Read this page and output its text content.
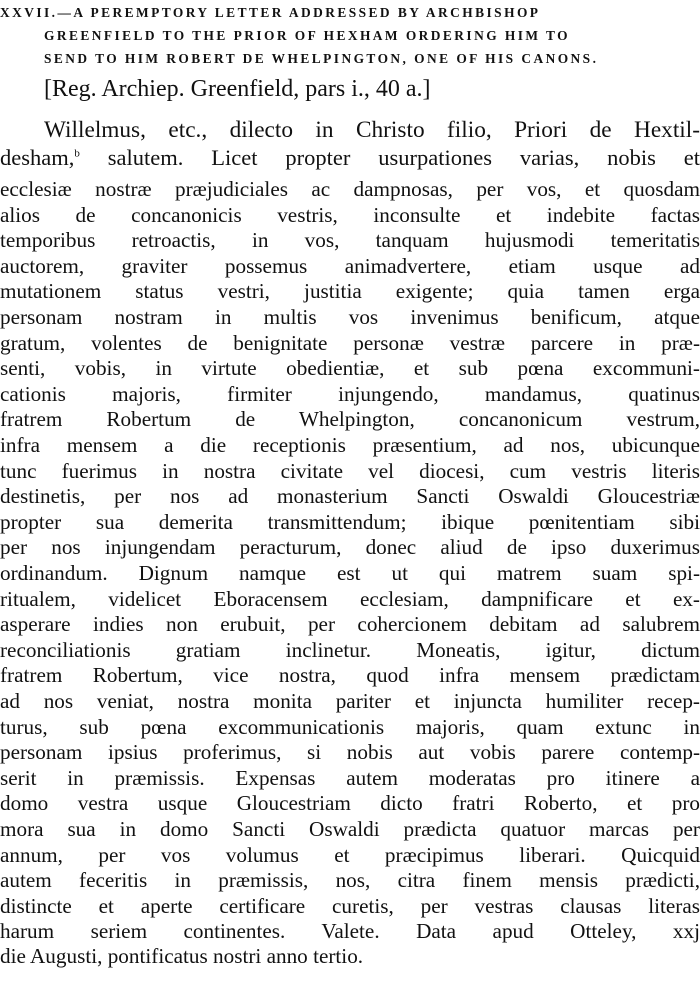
XXVII.—A PEREMPTORY LETTER ADDRESSED BY ARCHBISHOP
GREENFIELD TO THE PRIOR OF HEXHAM ORDERING HIM TO
SEND TO HIM ROBERT DE WHELPINGTON, ONE OF HIS CANONS.
[Reg. Archiep. Greenfield, pars i., 40 a.]
Willelmus, etc., dilecto in Christo filio, Priori de Hextil-
desham,$^b$ salutem. Licet propter usurpationes varias, nobis et
ecclesiæ nostræ præjudiciales ac dampnosas, per vos, et quosdam
alios de concanonicis vestris, inconsulte et indebite factas
temporibus retroactis, in vos, tanquam hujusmodi temeritatis
auctorem, graviter possemus animadvertere, etiam usque ad
mutationem status vestri, justitia exigente; quia tamen erga
personam nostram in multis vos invenimus benificum, atque
gratum, volentes de benignitate personæ vestræ parcere in præ-
senti, vobis, in virtute obedientiæ, et sub pœna excommuni-
cationis majoris, firmiter injungendo, mandamus, quatinus
fratrem Robertum de Whelpington, concanonicum vestrum,
infra mensem a die receptionis præsentium, ad nos, ubicunque
tunc fuerimus in nostra civitate vel diocesi, cum vestris literis
destinetis, per nos ad monasterium Sancti Oswaldi Gloucestriæ
propter sua demerita transmittendum; ibique pœnitentiam sibi
per nos injungendam peracturum, donec aliud de ipso duxerimus
ordinandum. Dignum namque est ut qui matrem suam spi-
ritualem, videlicet Eboracensem ecclesiam, dampnificare et ex-
asperare indies non erubuit, per cohercionem debitam ad salubrem
reconciliationis gratiam inclinetur. Moneatis, igitur, dictum
fratrem Robertum, vice nostra, quod infra mensem prædictam
ad nos veniat, nostra monita pariter et injuncta humiliter recep-
turus, sub pœna excommunicationis majoris, quam extunc in
personam ipsius proferimus, si nobis aut vobis parere contemp-
serit in præmissis. Expensas autem moderatas pro itinere a
domo vestra usque Gloucestriam dicto fratri Roberto, et pro
mora sua in domo Sancti Oswaldi prædicta quatuor marcas per
annum, per vos volumus et præcipimus liberari. Quicquid
autem feceritis in præmissis, nos, citra finem mensis prædicti,
distincte et aperte certificare curetis, per vestras clausas literas
harum seriem continentes. Valete. Data apud Otteley, xxj
die Augusti, pontificatus nostri anno tertio.
